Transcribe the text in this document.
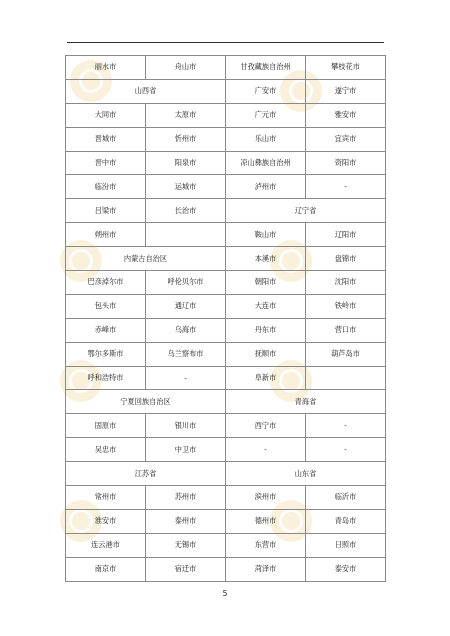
丽水市	舟山市	甘孜藏族自治州	攀枝花市
山西省		广安市	遂宁市
大同市	太原市	广元市	雅安市
晋城市	忻州市	乐山市	宜宾市
晋中市	阳泉市	凉山彝族自治州	资阳市
临汾市	运城市	泸州市	-
吕梁市	长治市	辽宁省	
朔州市		鞍山市	辽阳市
内蒙古自治区		本溪市	盘锦市
巴彦淖尔市	呼伦贝尔市	朝阳市	沈阳市
包头市	通辽市	大连市	铁岭市
赤峰市	乌海市	丹东市	营口市
鄂尔多斯市	乌兰察布市	抚顺市	葫芦岛市
呼和浩特市	-	阜新市	
宁夏回族自治区		青海省	
固原市	银川市	西宁市	-
吴忠市	中卫市	-	-
江苏省		山东省	
常州市	苏州市	滨州市	临沂市
淮安市	泰州市	德州市	青岛市
连云港市	无锡市	东营市	日照市
南京市	宿迁市	菏泽市	泰安市
5
